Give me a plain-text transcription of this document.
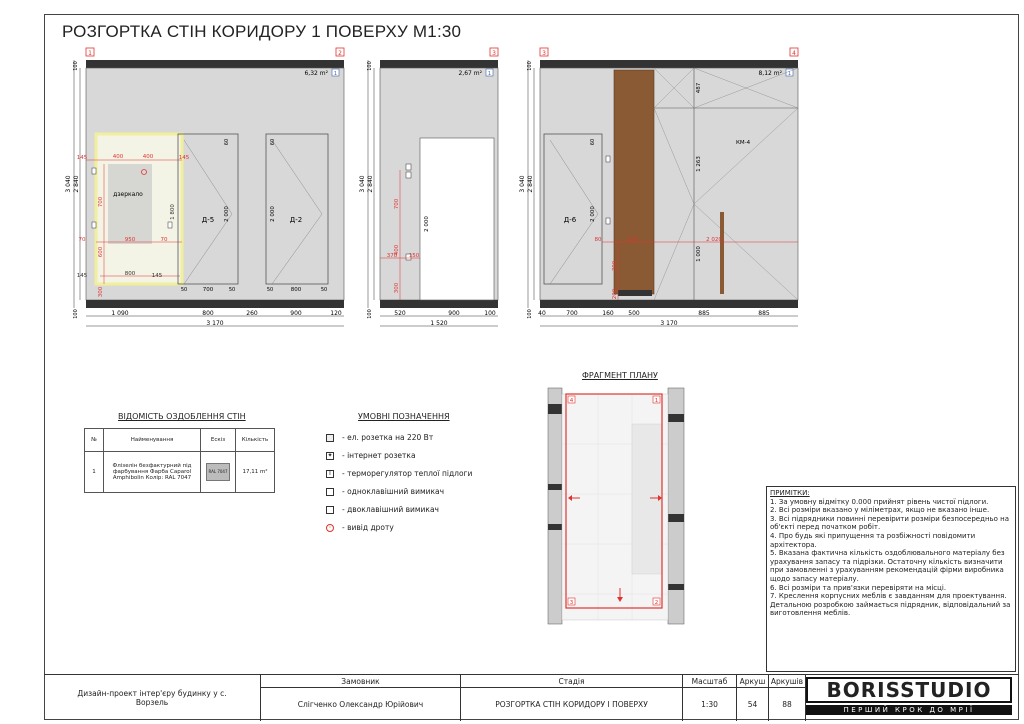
РОЗГОРТКА СТІН КОРИДОРУ 1 ПОВЕРХУ М1:30
1	2
6,32 m² 1
3 040 2 840
100
100
дзеркало
145	400	400	145
950
70	70
800
145	145
700
600
300
1 800
Д-5 2 000
60
700
50	50
Д-2
2 000
60
800
50	50
1 090	800	260	900	120
3 170
3
2,67 m² 1
3 040 2 840
100
100
2 000
700
400
300
370 150
520	900	100
1 520
3	4
8,12 m² 1
3 040 2 840
100
100
Д-6	2 000
60	КМ-4
487
1 263
1 000
80	320	2 020
700
200
40	700	160 500	885	885
3 170
ФРАГМЕНТ ПЛАНУ
4	1
3	2
ВІДОМІСТЬ ОЗДОБЛЕННЯ СТІН
№	Найменування	Ескіз	Кількість
1	Флізелін безфактурний під фарбування Фарба Caparol Amphibolin Колір: RAL 7047	RAL 7047	17,11 m²
УМОВНІ ПОЗНАЧЕННЯ
- ел. розетка на 220 Вт
✦ - інтернет розетка
T - терморегулятор теплої підлоги
- одноклавішний вимикач
- двоклавішний вимикач
◦ - вивід дроту

ПРИМІТКИ:

1. За умовну відмітку 0.000 прийнят рівень чистої підлоги.

2. Всі розміри вказано у міліметрах, якщо не вказано інше.

3. Всі підрядники повинні перевірити розміри безпосередньо на об'єкті перед початком робіт.

4. Про будь які припущення та розбіжності повідомити архітектора.

5. Вказана фактична кількість оздоблювального матеріалу без урахування запасу та підрізки. Остаточну кількість визначити при замовленні з урахуванням рекомендацій фірми виробника щодо запасу матеріалу.

6. Всі розміри та прив'язки перевіряти на місці.

7. Креслення корпусних меблів є завданням для проектування. Детальною розробкою займається підрядник, відповідальний за виготовлення меблів.

Дизайн-проект інтер'єру будинку у с. Ворзель
Замовник
Слігченко Олександр Юрійович
Стадія
РОЗГОРТКА СТІН КОРИДОРУ І ПОВЕРХУ
Масштаб
1:30
Аркуш
54
Аркушів
88
BORISSTUDIO
ПЕРШИЙ КРОК ДО МРІЇ
